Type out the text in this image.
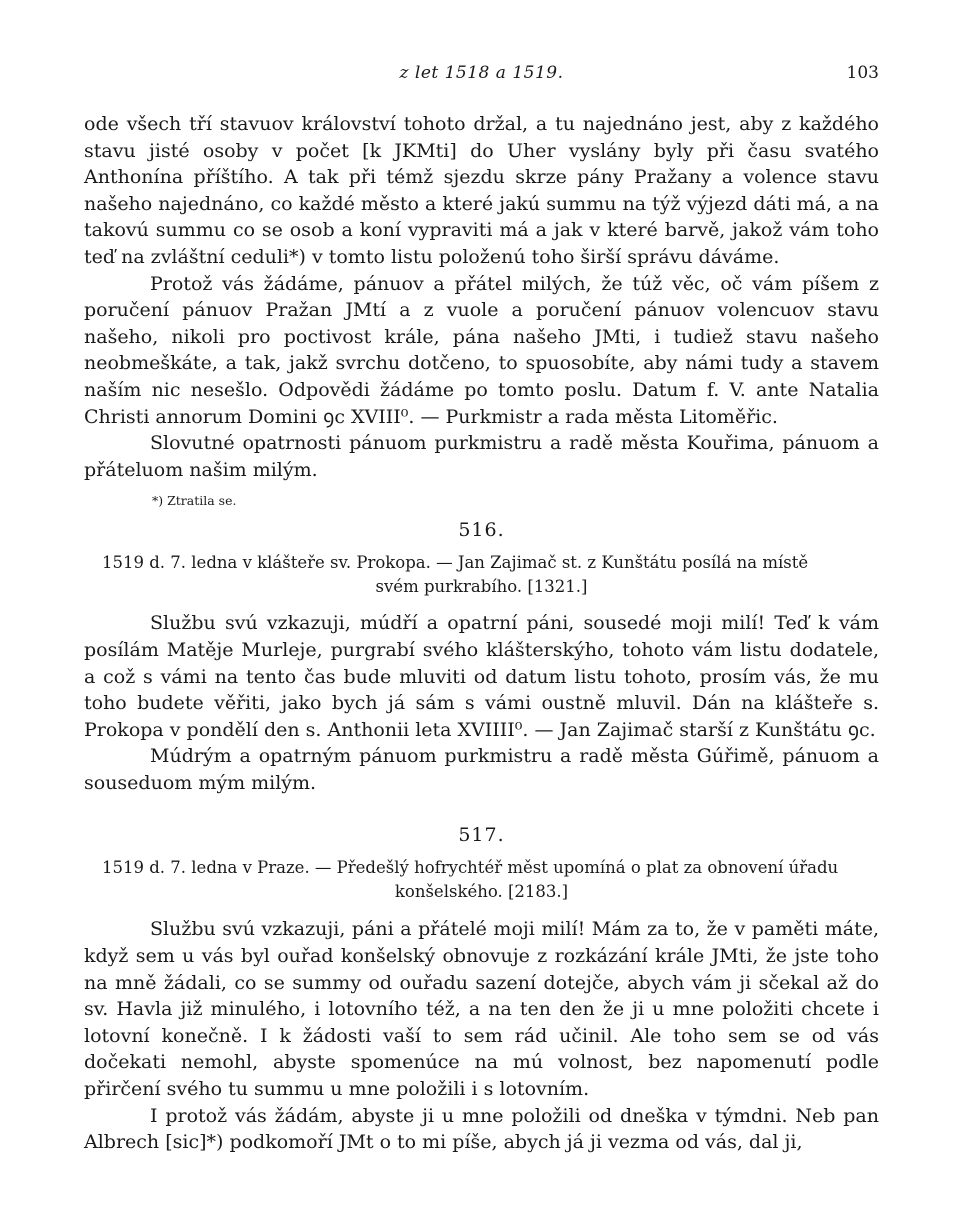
z let 1518 a 1519.	103

ode všech tří stavuov království tohoto držal, a tu najednáno jest, aby z každého stavu jisté osoby v počet [k JKMti] do Uher vyslány byly při času svatého Anthonína příštího. A tak při témž sjezdu skrze pány Pražany a volence stavu našeho najednáno, co každé město a které jakú summu na týž výjezd dáti má, a na takovú summu co se osob a koní vypraviti má a jak v které barvě, jakož vám toho teď na zvláštní ceduli*) v tomto listu položenú toho širší správu dáváme.

Protož vás žádáme, pánuov a přátel milých, že túž věc, oč vám píšem z poručení pánuov Pražan JMtí a z vuole a poručení pánuov volencuov stavu našeho, nikoli pro poctivost krále, pána našeho JMti, i tudiež stavu našeho neobmeškáte, a tak, jakž svrchu dotčeno, to spuosobíte, aby námi tudy a stavem naším nic nesešlo. Odpovědi žádáme po tomto poslu. Datum f. V. ante Natalia Christi annorum Domini ꝯc XVIII⁰. — Purkmistr a rada města Litoměřic.

Slovutné opatrnosti pánuom purkmistru a radě města Kouřima, pánuom a přáteluom našim milým.

*) Ztratila se.
516.
1519 d. 7. ledna v klášteře sv. Prokopa. — Jan Zajimač st. z Kunštátu posílá na místě
svém purkrabího. [1321.]

Službu svú vzkazuji, múdří a opatrní páni, sousedé moji milí! Teď k vám posílám Matěje Murleje, purgrabí svého klášterskýho, tohoto vám listu dodatele, a což s vámi na tento čas bude mluviti od datum listu tohoto, prosím vás, že mu toho budete věřiti, jako bych já sám s vámi oustně mluvil. Dán na klášteře s. Prokopa v pondělí den s. Anthonii leta XVIIII⁰. — Jan Zajimač starší z Kunštátu ꝯc.

Múdrým a opatrným pánuom purkmistru a radě města Gúřimě, pánuom a souseduom mým milým.

517.
1519 d. 7. ledna v Praze. — Předešlý hofrychtéř měst upomíná o plat za obnovení úřadu
konšelského. [2183.]

Službu svú vzkazuji, páni a přátelé moji milí! Mám za to, že v paměti máte, když sem u vás byl ouřad konšelský obnovuje z rozkázání krále JMti, že jste toho na mně žádali, co se summy od ouřadu sazení dotejče, abych vám ji sčekal až do sv. Havla již minulého, i lotovního též, a na ten den že ji u mne položiti chcete i lotovní konečně. I k žádosti vaší to sem rád učinil. Ale toho sem se od vás dočekati nemohl, abyste spomenúce na mú volnost, bez napomenutí podle přirčení svého tu summu u mne položili i s lotovním.

I protož vás žádám, abyste ji u mne položili od dneška v týmdni. Neb pan Albrech [sic]*) podkomoří JMt o to mi píše, abych já ji vezma od vás, dal ji,
